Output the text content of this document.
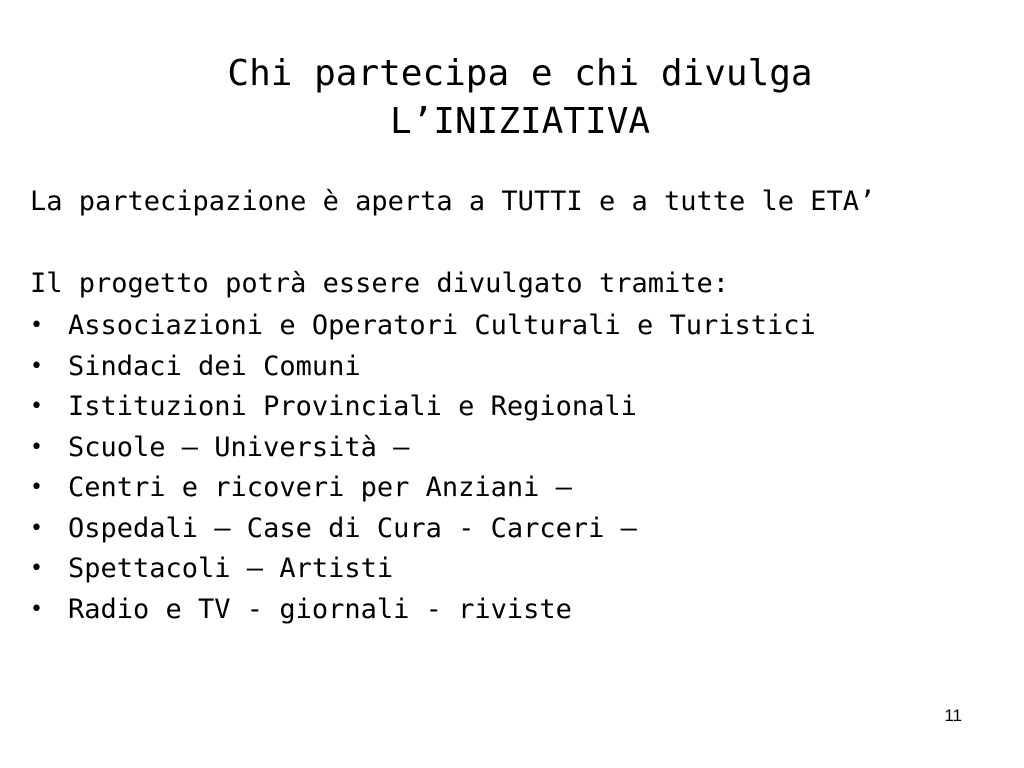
Chi partecipa e chi divulga
L’INIZIATIVA

La partecipazione è aperta a TUTTI e a tutte le ETA’

Il progetto potrà essere divulgato tramite:

• Associazioni e Operatori Culturali e Turistici
• Sindaci dei Comuni
• Istituzioni Provinciali e Regionali
• Scuole – Università –
• Centri e ricoveri per Anziani –
• Ospedali – Case di Cura - Carceri –
• Spettacoli – Artisti
• Radio e TV - giornali - riviste
11
